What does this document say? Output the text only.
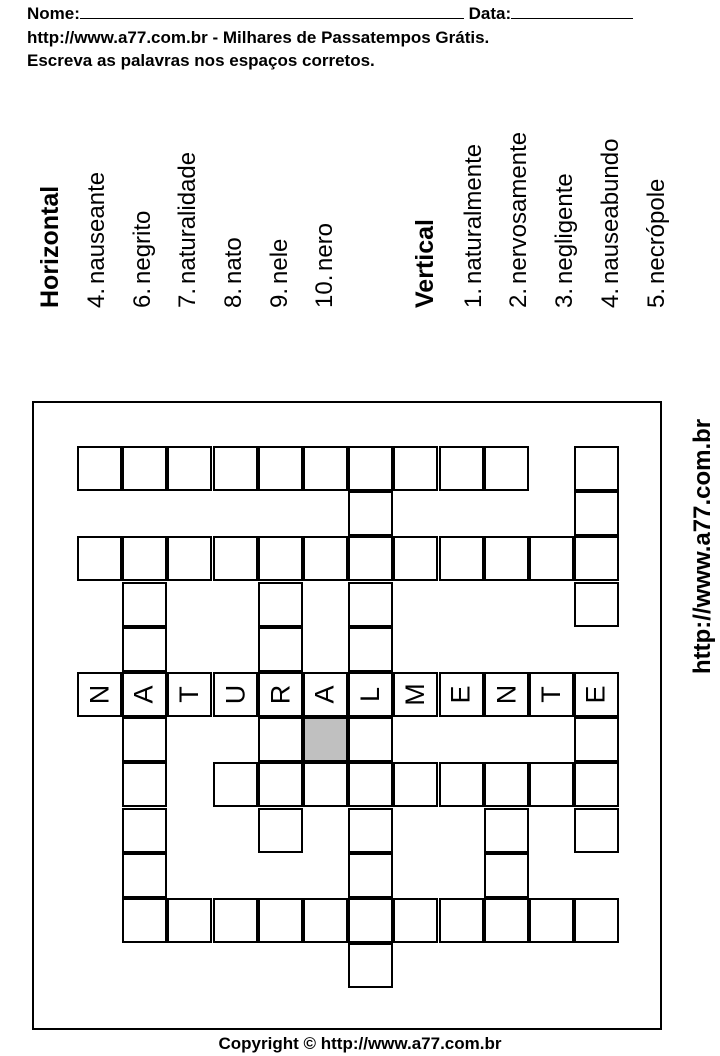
Nome:	Data:
http://www.a77.com.br - Milhares de Passatempos Grátis.
Escreva as palavras nos espaços corretos.
Horizontal 4.
nauseante
6.
negrito
7.
naturalidade
8.
nato
9.
nele
10.
nero	Vertical 1.
naturalmente
2.
nervosamente
3.
negligente
4.
nauseabundo
5.
necrópole
http://www.a77.com.br
N A T U R A L M E N T E
Copyright © http://www.a77.com.br
